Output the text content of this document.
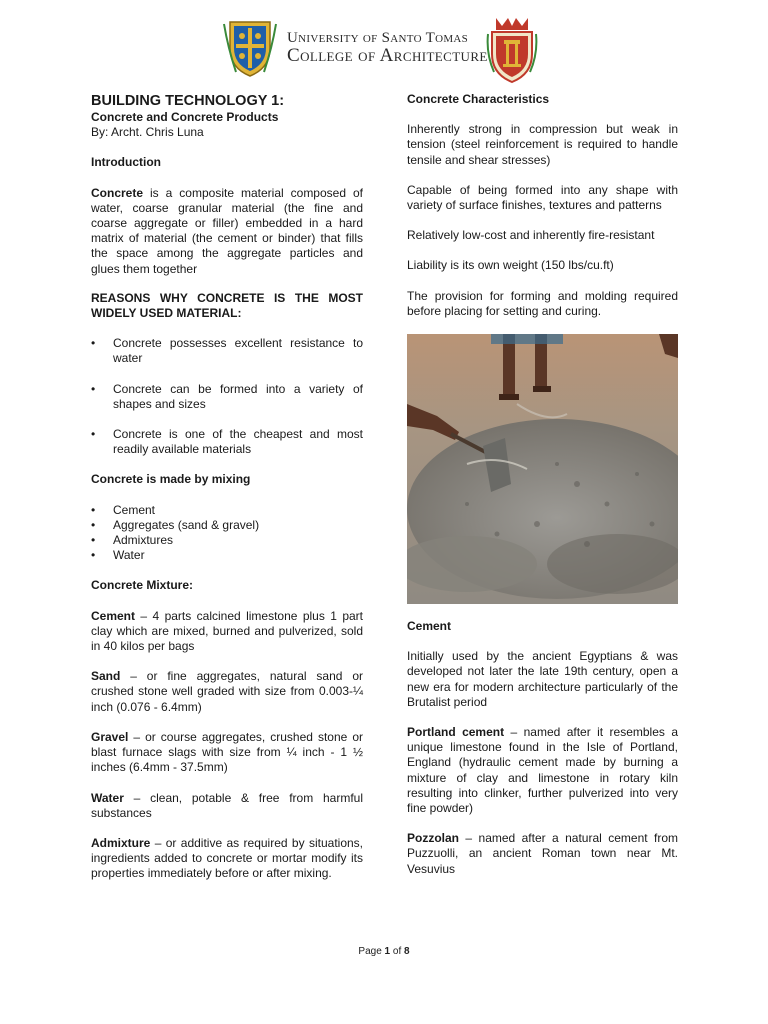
University of Santo Tomas
College of Architecture

BUILDING TECHNOLOGY 1:

Concrete and Concrete Products

By: Archt. Chris Luna

Introduction

Concrete is a composite material composed of water, coarse granular material (the fine and coarse aggregate or filler) embedded in a hard matrix of material (the cement or binder) that fills the space among the aggregate particles and glues them together

REASONS WHY CONCRETE IS THE MOST WIDELY USED MATERIAL:

• Concrete possesses excellent resistance to water
• Concrete can be formed into a variety of shapes and sizes
• Concrete is one of the cheapest and most readily available materials

Concrete is made by mixing

• Cement
• Aggregates (sand & gravel)
• Admixtures
• Water

Concrete Mixture:

Cement – 4 parts calcined limestone plus 1 part clay which are mixed, burned and pulverized, sold in 40 kilos per bags

Sand – or fine aggregates, natural sand or crushed stone well graded with size from 0.003-¼ inch (0.076 - 6.4mm)

Gravel – or course aggregates, crushed stone or blast furnace slags with size from ¼ inch - 1 ½ inches (6.4mm - 37.5mm)

Water – clean, potable & free from harmful substances

Admixture – or additive as required by situations, ingredients added to concrete or mortar modify its properties immediately before or after mixing.

Concrete Characteristics

Inherently strong in compression but weak in tension (steel reinforcement is required to handle tensile and shear stresses)

Capable of being formed into any shape with variety of surface finishes, textures and patterns

Relatively low-cost and inherently fire-resistant

Liability is its own weight (150 lbs/cu.ft)

The provision for forming and molding required before placing for setting and curing.

Cement

Initially used by the ancient Egyptians & was developed not later the late 19th century, open a new era for modern architecture particularly of the Brutalist period

Portland cement – named after it resembles a unique limestone found in the Isle of Portland, England (hydraulic cement made by burning a mixture of clay and limestone in rotary kiln resulting into clinker, further pulverized into very fine powder)

Pozzolan – named after a natural cement from Puzzuolli, an ancient Roman town near Mt. Vesuvius

Page 1 of 8
